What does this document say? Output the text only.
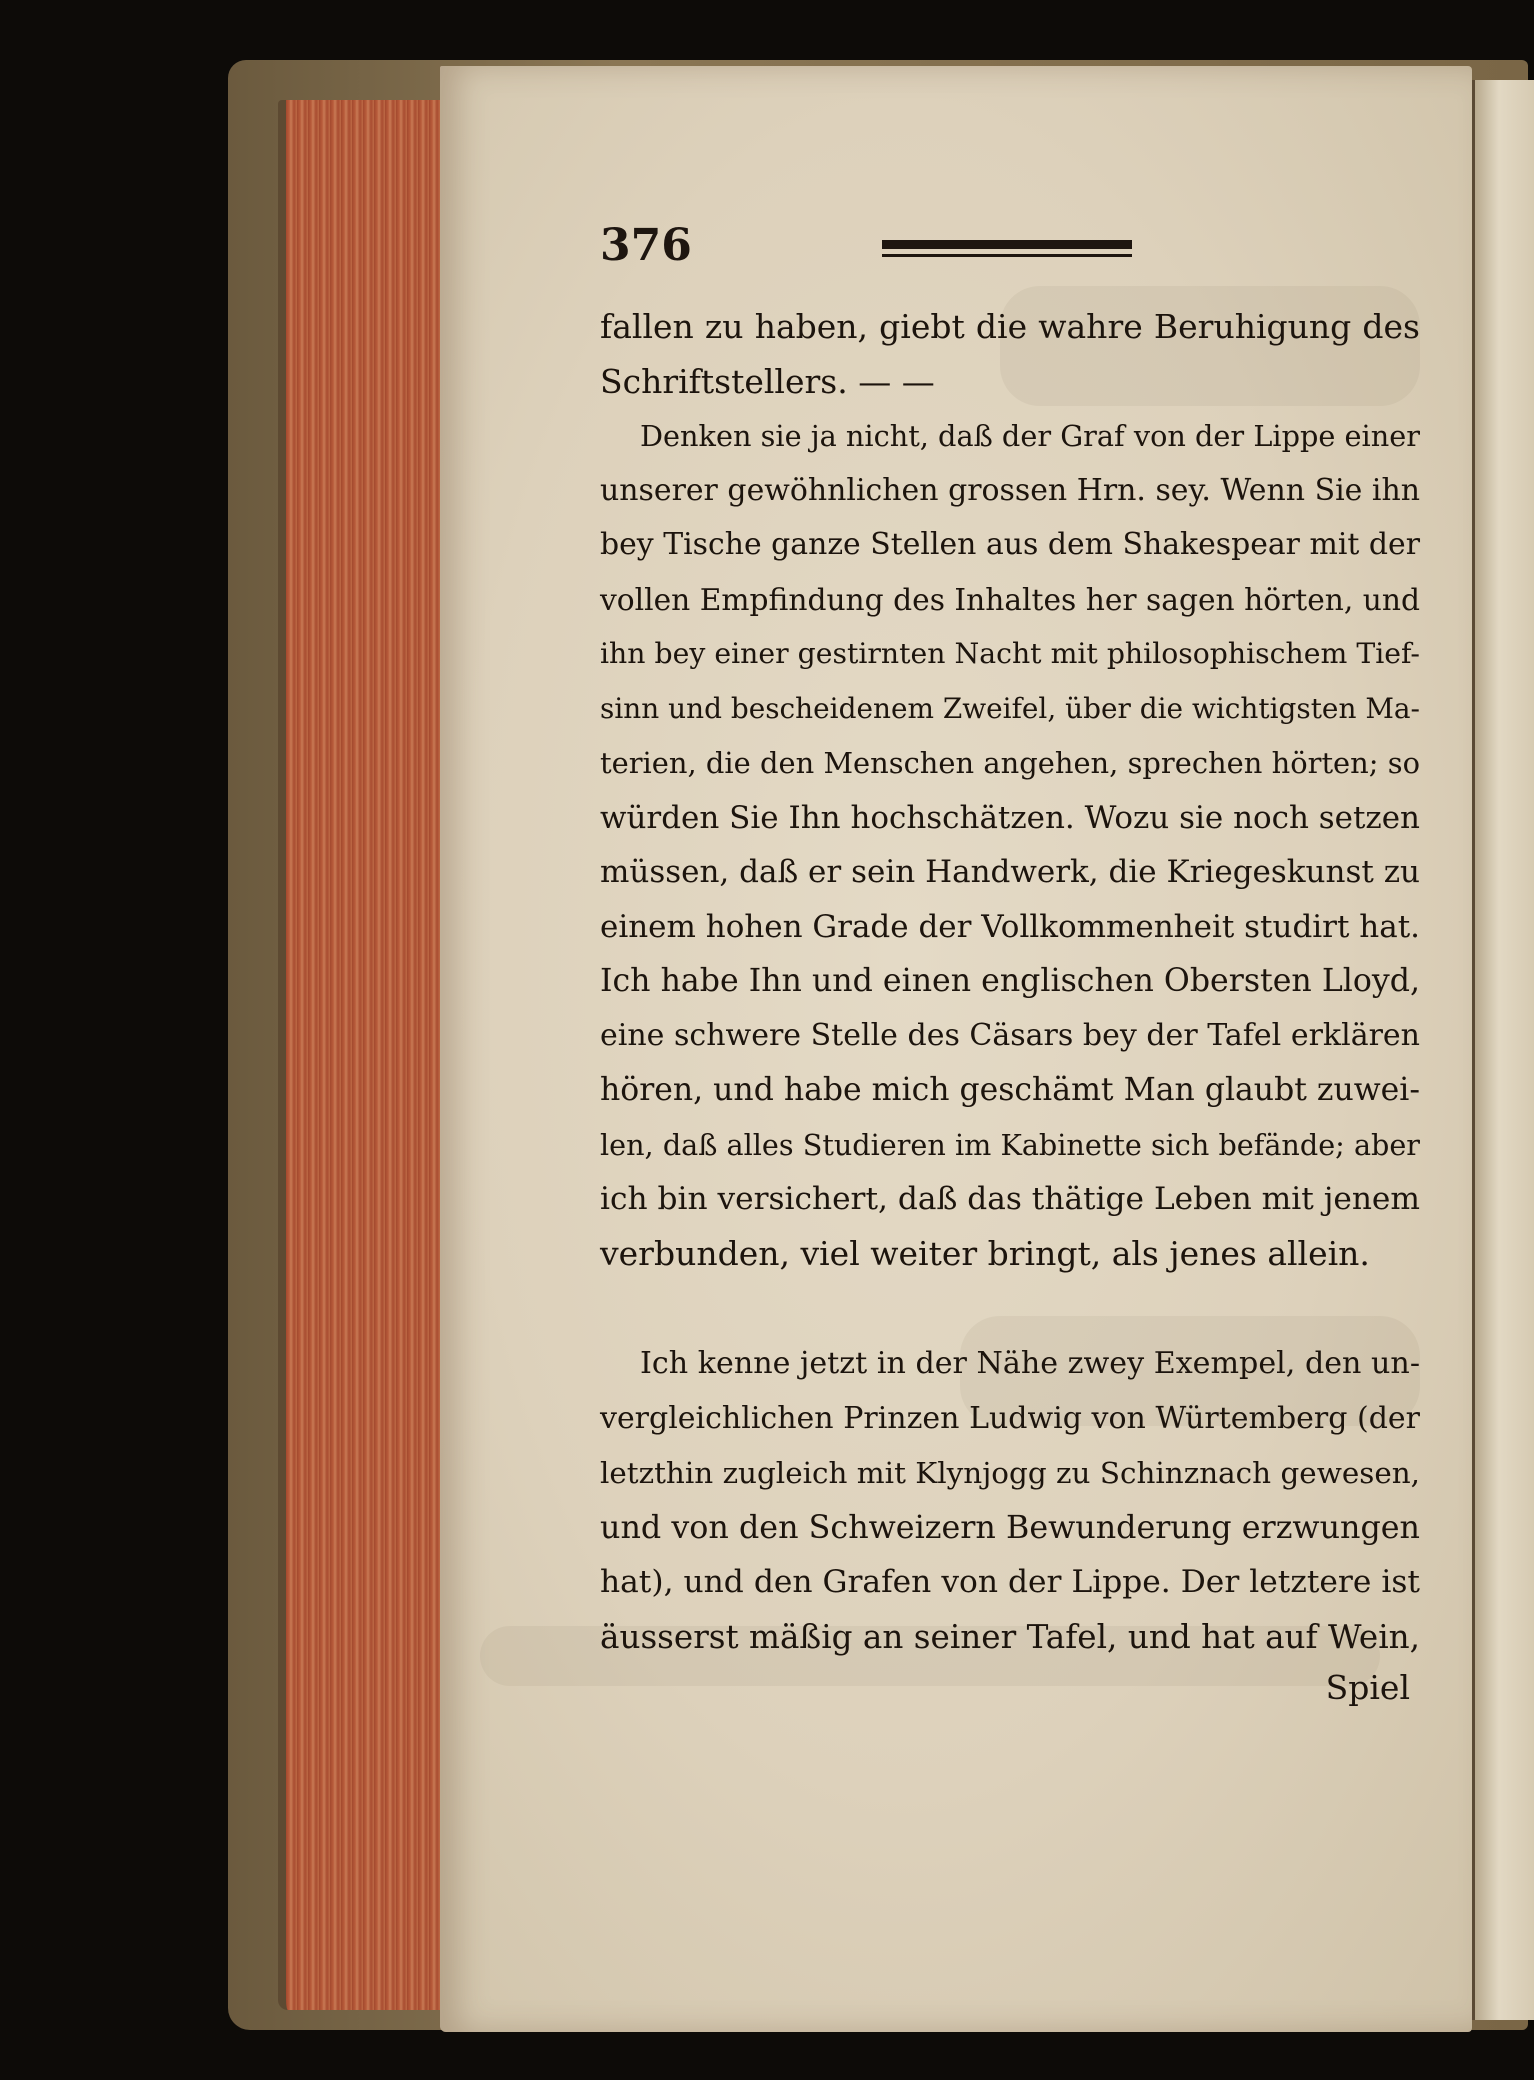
376

fallen zu haben, giebt die wahre Beruhigung des
Schriftstellers. — —

Denken sie ja nicht, daß der Graf von der Lippe einer
unserer gewöhnlichen grossen Hrn. sey. Wenn Sie ihn
bey Tische ganze Stellen aus dem Shakespear mit der
vollen Empfindung des Inhaltes her sagen hörten, und
ihn bey einer gestirnten Nacht mit philosophischem Tief-
sinn und bescheidenem Zweifel, über die wichtigsten Ma-
terien, die den Menschen angehen, sprechen hörten; so
würden Sie Ihn hochschätzen. Wozu sie noch setzen
müssen, daß er sein Handwerk, die Kriegeskunst zu
einem hohen Grade der Vollkommenheit studirt hat.
Ich habe Ihn und einen englischen Obersten Lloyd,
eine schwere Stelle des Cäsars bey der Tafel erklären
hören, und habe mich geschämt Man glaubt zuwei-
len, daß alles Studieren im Kabinette sich befände; aber
ich bin versichert, daß das thätige Leben mit jenem
verbunden, viel weiter bringt, als jenes allein.

Ich kenne jetzt in der Nähe zwey Exempel, den un-
vergleichlichen Prinzen Ludwig von Würtemberg (der
letzthin zugleich mit Klynjogg zu Schinznach gewesen,
und von den Schweizern Bewunderung erzwungen
hat), und den Grafen von der Lippe. Der letztere ist
äusserst mäßig an seiner Tafel, und hat auf Wein,

Spiel
